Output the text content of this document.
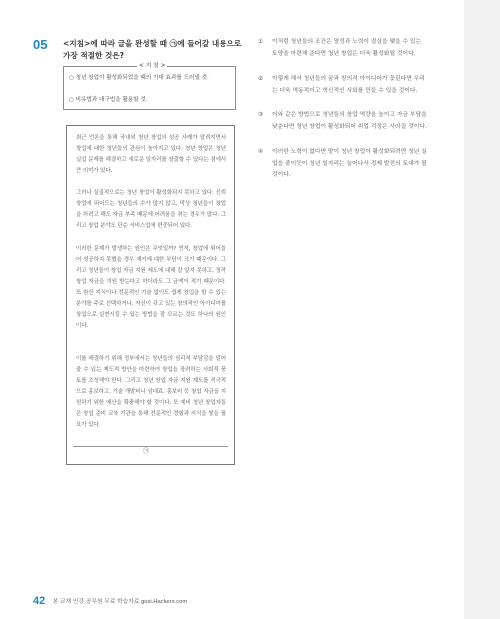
05 <지침>에 따라 글을 완성할 때 ㉠에 들어갈 내용으로 가장 적절한 것은?
< 지 침 >
○ 청년 창업이 활성화되었을 때의 기대 효과를 드러낼 것.
○ 비유법과 대구법을 활용할 것.
최근 언론을 통해 국내외 청년 창업의 성공 사례가 알려지면서 창업에 대한 청년들의 관심이 높아지고 있다. 청년 창업은 청년 실업 문제를 해결하고 새로운 일자리를 창출할 수 있다는 점에서 큰 의미가 있다.
그러나 실질적으로는 청년 창업이 활성화되지 못하고 있다. 신뢰 창업에 뛰어드는 청년들의 수가 많지 않고, 막상 청년들이 창업을 하려고 해도 자금 부족 때문에 어려움을 겪는 경우가 많다. 그리고 창업 분야도 단순 서비스업에 편중되어 있다.
이러한 문제가 발생하는 원인은 무엇일까? 먼저, 창업에 뛰어들어 성공하지 못했을 경우 재기에 대한 부담이 크기 때문이다. 그리고 청년들이 창업 자금 지원 제도에 대해 잘 알지 못하고, 정작 창업 자금을 지원 받는다고 하더라도 그 금액이 적기 때문이다. 또 참신 지식이나 전문적인 기술 없이도 쉽게 창업을 할 수 있는 분야를 주로 선택하거나, 자신이 갖고 있는 창의적인 아이디어를 창업으로 실현시킬 수 있는 방법을 잘 모르는 것도 하나의 원인이다.
이를 해결하기 위해 정부에서는 청년들의 심리적 부담감을 덜어줄 수 있는 제도적 방안을 마련하여 창업을 장려하는 사회적 풍토를 조성해야 한다. 그리고 청년 창업 자금 지원 제도를 적극적으로 홍보하고, 기술 개발비나 임대료, 홍보비 등 창업 자금을 지원하기 위한 예산을 확충해야 할 것이다. 또 예비 청년 창업자들은 창업 준비 교육 기관을 통해 전문적인 경험과 지식을 쌓을 필요가 있다.
㉠
① 이처럼 청년들의 조건은 열정과 노력이 결실을 맺을 수 있는 토양을 마련해 준다면 청년 창업은 더욱 활성화될 것이다.
② 이렇게 해서 청년들의 꿈과 창의적 아이디어가 꽃핀다면 우리는 더욱 역동적이고 혁신적인 사회를 만들 수 있을 것이다.
③ 이와 같은 방법으로 청년들의 창업 역량을 높이고 자금 부담을 낮춘다면 청년 창업이 활성화되어 취업 걱정은 사라질 것이다.
④ 이러한 노력이 없다면 밭이 청년 창업이 활성화되려면 청년 실업을 줄이듯이 청년 일자리는 늘어나서 경제 발전의 토대가 될 것이다.
42 본 교재 인강·공무원 무료 학습자료 gosi.Hackers.com
